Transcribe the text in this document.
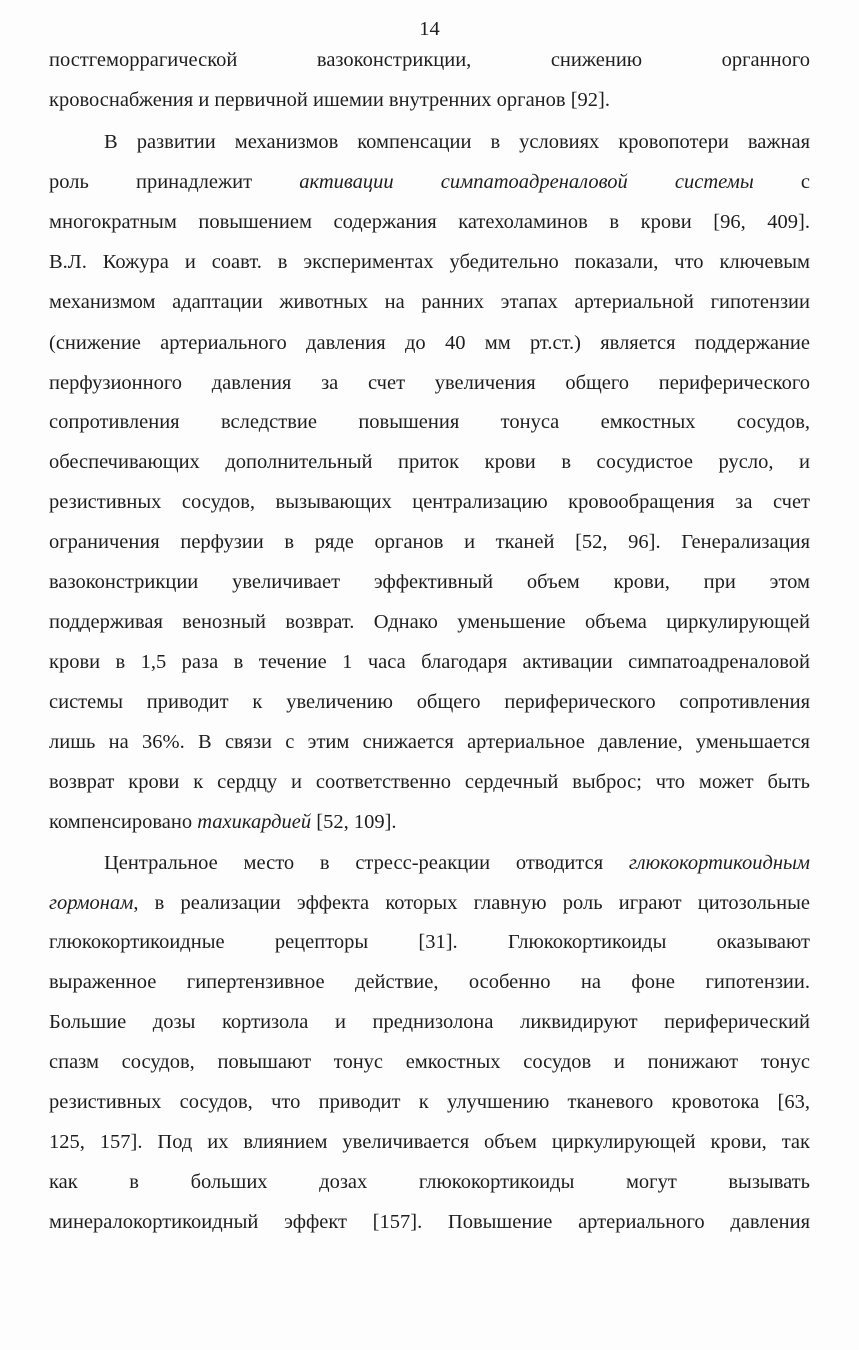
14
постгеморрагической вазоконстрикции, снижению органного
кровоснабжения и первичной ишемии внутренних органов [92].
В развитии механизмов компенсации в условиях кровопотери важная
роль принадлежит активации симпатоадреналовой системы с
многократным повышением содержания катехоламинов в крови [96, 409].
В.Л. Кожура и соавт. в экспериментах убедительно показали, что ключевым
механизмом адаптации животных на ранних этапах артериальной гипотензии
(снижение артериального давления до 40 мм рт.ст.) является поддержание
перфузионного давления за счет увеличения общего периферического
сопротивления вследствие повышения тонуса емкостных сосудов,
обеспечивающих дополнительный приток крови в сосудистое русло, и
резистивных сосудов, вызывающих централизацию кровообращения за счет
ограничения перфузии в ряде органов и тканей [52, 96]. Генерализация
вазоконстрикции увеличивает эффективный объем крови, при этом
поддерживая венозный возврат. Однако уменьшение объема циркулирующей
крови в 1,5 раза в течение 1 часа благодаря активации симпатоадреналовой
системы приводит к увеличению общего периферического сопротивления
лишь на 36%. В связи с этим снижается артериальное давление, уменьшается
возврат крови к сердцу и соответственно сердечный выброс; что может быть
компенсировано тахикардией [52, 109].
Центральное место в стресс-реакции отводится глюкокортикоидным
гормонам, в реализации эффекта которых главную роль играют цитозольные
глюкокортикоидные рецепторы [31]. Глюкокортикоиды оказывают
выраженное гипертензивное действие, особенно на фоне гипотензии.
Большие дозы кортизола и преднизолона ликвидируют периферический
спазм сосудов, повышают тонус емкостных сосудов и понижают тонус
резистивных сосудов, что приводит к улучшению тканевого кровотока [63,
125, 157]. Под их влиянием увеличивается объем циркулирующей крови, так
как в больших дозах глюкокортикоиды могут вызывать
минералокортикоидный эффект [157]. Повышение артериального давления
